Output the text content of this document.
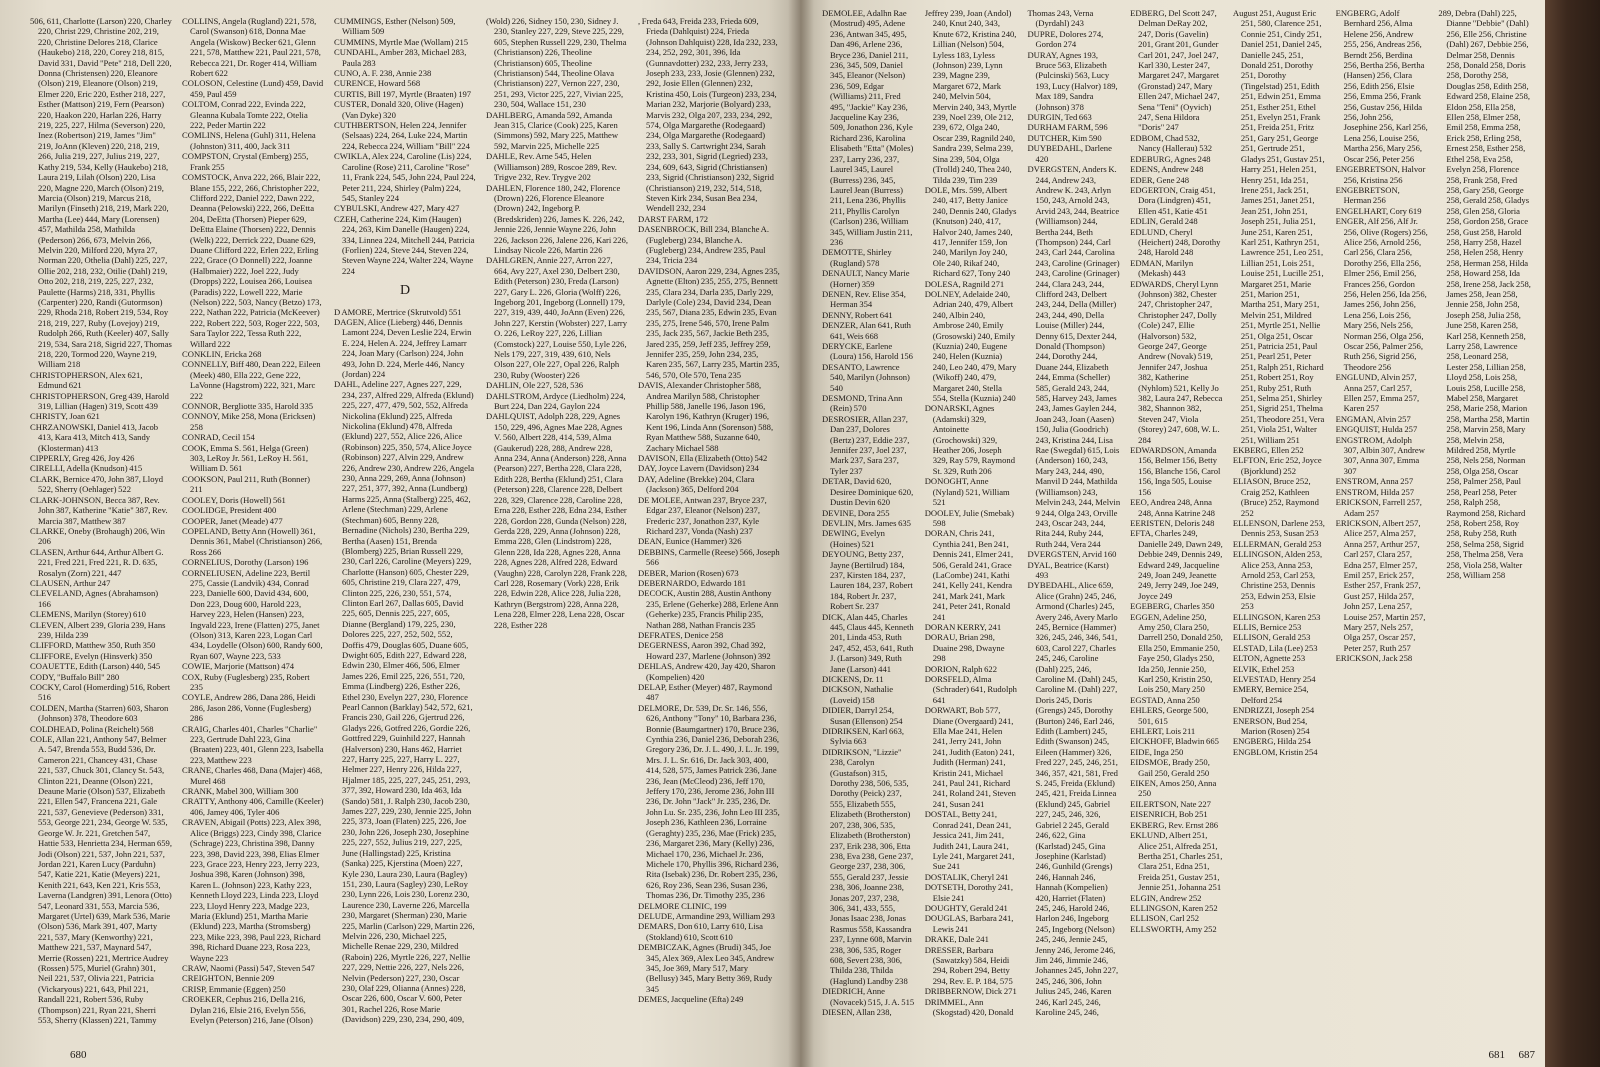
506, 611, Charlotte (Larson) 220, Charley 220, Christ 229, Christine 202, 219, 220, Christine Delores 218, Clarice (Haukebo) 218, 220, Corey 218, 815, David 331, David "Pete" 218, Dell 220, Donna (Christensen) 220, Eleanore (Olson) 219, Eleanore (Olson) 219, Elmer 220, Eric 220, Esther 218, 227, Esther (Mattson) 219, Fern (Pearson) 220, Haakon 220, Harlan 226, Harry 219, 225, 227, Hilma (Severson) 220, Inez (Robertson) 219, James "Jim" 219, JoAnn (Kleven) 220, 218, 219, 266, Julia 219, 227, Julius 219, 227, Kathy 219, 534, Kelly (Haukebo) 218, Laura 219, Lilah (Olson) 220, Lisa 220, Magne 220, March (Olson) 219, Marcia (Olson) 219, Marcus 218, Marilyn (Finseth) 218, 219, Mark 220, Martha (Lee) 444, Mary (Lorensen) 457, Mathilda 258, Mathilda (Pederson) 266, 673, Melvin 266, Melvin 220, Milford 220, Myra 27, Norman 220, Othelia (Dahl) 225, 227, Ollie 202, 218, 232, Otilie (Dahl) 219, Otto 202, 218, 219, 225, 227, 232, Paulette (Harms) 218, 331, Phyllis (Carpenter) 220, Randi (Gutormson) 229, Rhoda 218, Robert 219, 534, Roy 218, 219, 227, Ruby (Lovejoy) 219, Rudolph 266, Ruth (Keeler) 407, Sally 219, 534, Sara 218, Sigrid 227, Thomas 218, 220, Tormod 220, Wayne 219, William 218

CHRISTOPHERSON, Alex 621, Edmund 621

CHRISTOPHERSON, Greg 439, Harold 319, Lillian (Hagen) 319, Scott 439

CHRISTY, Joan 621

CHRZANOWSKI, Daniel 413, Jacob 413, Kara 413, Mitch 413, Sandy (Klosterman) 413

CIPPERLY, Greg 426, Joy 426

CIRELLI, Adella (Knudson) 415

CLARK, Bernice 470, John 387, Lloyd 522, Sherry (Oehlager) 522

CLARK-JOHNSON, Becca 387, Rev. John 387, Katherine "Katie" 387, Rev. Marcia 387, Matthew 387

CLARKE, Oneby (Brohaugh) 206, Win 206

CLASEN, Arthur 644, Arthur Albert G. 221, Fred 221, Fred 221, R. D. 635, Rosalyn (Zorn) 221, 447

CLAUSEN, Arthur 247

CLEVELAND, Agnes (Abrahamson) 166

CLEMENS, Marilyn (Storey) 610

CLEVEN, Albert 239, Gloria 239, Hans 239, Hilda 239

CLIFFORD, Matthew 350, Ruth 350

CLIFFORE, Evelyn (Hinsverk) 350

COAUETTE, Edith (Larson) 440, 545

CODY, "Buffalo Bill" 280

COCKY, Carol (Homerding) 516, Robert 516

COLDEN, Martha (Starren) 603, Sharon (Johnson) 378, Theodore 603

COLDHEAD, Polina (Reichelt) 568

COLE, Allan 221, Anthony 547, Belmer A. 547, Brenda 553, Budd 536, Dr. Cameron 221, Chancey 431, Chase 221, 537, Chuck 301, Clancy St. 543, Clinton 221, Deanne (Olson) 221, Deaune Marie (Olson) 537, Elizabeth 221, Ellen 547, Francena 221, Gale 221, 537, Genevieve (Pederson) 331, 553, George 221, 234, George W. 535, George W. Jr. 221, Gretchen 547, Hattie 533, Henrietta 234, Herman 659, Jodi (Olson) 221, 537, John 221, 537, Jordan 221, Karen Lucy (Parduhn) 547, Katie 221, Katie (Meyers) 221, Kenith 221, 643, Ken 221, Kris 553, Laverna (Landgren) 391, Lenora (Otto) 547, Leonard 331, 553, Marcia 536, Margaret (Urtel) 639, Mark 536, Marie (Olson) 536, Mark 391, 407, Marty 221, 537, Mary (Kenworthy) 221, Matthew 221, 537, Maynard 547, Merrie (Rossen) 221, Mertrice Audrey (Rossen) 575, Muriel (Grahn) 301, Neil 221, 537, Olivia 221, Patricia (Vickaryous) 221, 643, Phil 221, Randall 221, Robert 536, Ruby (Thompson) 221, Ryan 221, Sherri 553, Sherry (Klassen) 221, Tammy

COLLINS, Angela (Rugland) 221, 578, Carol (Swanson) 618, Donna Mae Angela (Wiskow) Becker 621, Glenn 221, 578, Matthew 221, Paul 221, 578, Rebecca 221, Dr. Roger 414, William Robert 622

COLOSON, Celestine (Lund) 459, David 459, Paul 459

COLTOM, Conrad 222, Evinda 222, Gleanna Kubala Tomte 222, Otelia 222, Peder Martin 222

COMLINS, Helena (Guhl) 311, Helena (Johnston) 311, 400, Jack 311

COMPSTON, Crystal (Emberg) 255, Frank 255

COMSTOCK, Anva 222, 266, Blair 222, Blane 155, 222, 266, Christopher 222, Clifford 222, Daniel 222, Dawn 222, Deanna (Pelowski) 222, 266, DeEtta 204, DeEtta (Thorsen) Pieper 629, DeEtta Elaine (Thorsen) 222, Dennis (Welk) 222, Derrick 222, Duane 629, Duane Clifford 222, Erlen 222, Erling 222, Grace (O Donnell) 222, Joanne (Halbmaier) 222, Joel 222, Judy (Dropps) 222, Louisea 266, Louisea (Paradis) 222, Lowell 222, Marie (Nelson) 222, 503, Nancy (Betzo) 173, 222, Nathan 222, Patricia (McKeever) 222, Robert 222, 503, Roger 222, 503, Sara Taylor 222, Tessa Ruth 222, Willard 222

CONKLIN, Ericka 268

CONNELLY, Biff 480, Dean 222, Eileen (Meek) 480, Ella 222, Gene 222, LaVonne (Hagstrom) 222, 321, Marc 222

CONNOR, Bergliotte 335, Harold 335

CONNOY, Mike 258, Mona (Ericksen) 258

CONRAD, Cecil 154

COOK, Emma S. 561, Helga (Green) 303, LeRoy Jr. 561, LeRoy H. 561, William D. 561

COOKSON, Paul 211, Ruth (Bonner) 211

COOLEY, Doris (Howell) 561

COOLIDGE, President 400

COOPER, Janet (Meade) 477

COPELAND, Betty Ann (Howell) 361, Dennis 361, Mabel (Christianson) 266, Ross 266

CORNELIUS, Dorothy (Larson) 196

CORNELIUSEN, Adeline 223, Bertil 275, Cassie (Landvik) 434, Conrad 223, Danielle 600, David 434, 600, Don 223, Doug 600, Harold 223, Harvey 223, Helen (Hansen) 223, Ingvald 223, Irene (Flatten) 275, Janet (Olson) 313, Karen 223, Logan Carl 434, Loydelle (Olson) 600, Randy 600, Ryan 607, Wayne 223, 533

COWIE, Marjorie (Mattson) 474

COX, Ruby (Fuglesberg) 235, Robert 235

COYLE, Andrew 286, Dana 286, Heidi 286, Jason 286, Vonne (Fuglesberg) 286

CRAIG, Charles 401, Charles "Charlie" 223, Gertrude Dahl 223, Gina (Braaten) 223, 401, Glenn 223, Isabella 223, Matthew 223

CRANE, Charles 468, Dana (Majer) 468, Murel 468

CRANK, Mabel 300, William 300

CRATTY, Anthony 406, Camille (Keeler) 406, Jamey 406, Tyler 406

CRAVEN, Abigail (Potts) 223, Alex 398, Alice (Briggs) 223, Cindy 398, Clarice (Schrage) 223, Christina 398, Danny 223, 398, David 223, 398, Elias Elmer 223, Grace 223, Henry 223, Jerry 223, Joshua 398, Karen (Johnson) 398, Karen L. (Johnson) 223, Kathy 223, Kenneth Lloyd 223, Linda 223, Lloyd 223, Lloyd Henry 223, Madge 223, Maria (Eklund) 251, Martha Marie (Eklund) 223, Martha (Stromsberg) 223, Mike 223, 398, Paul 223, Richard 398, Richard Duane 223, Rosa 223, Wayne 223

CRAW, Naomi (Passi) 547, Steven 547

CREIGHTON, Bennie 209

CRISP, Emmanie (Eggen) 250

CROEKER, Cephus 216, Della 216, Dylan 216, Elsie 216, Evelyn 556, Evelyn (Peterson) 216, Jane (Olson)

CUMMINGS, Esther (Nelson) 509, William 509

CUMMINS, Myrtle Mae (Wollam) 215

CUNDAHL, Amber 283, Michael 283, Paula 283

CUNO, A. F. 238, Annie 238

CURENCE, Howard 568

CURTIS, Bill 197, Myrtle (Braaten) 197

CUSTER, Donald 320, Olive (Hagen) (Van Dyke) 320

CUTHBERTSON, Helen 224, Jennifer (Selsaas) 224, 264, Luke 224, Martin 224, Rebecca 224, William "Bill" 224

CWIKLA, Alex 224, Caroline (Lis) 224, Caroline (Rose) 211, Caroline "Rose" 11, Frank 224, 545, John 224, Paul 224, Peter 211, 224, Shirley (Palm) 224, 545, Stanley 224

CYBULSKI, Andrew 427, Mary 427

CZEH, Catherine 224, Kim (Haugen) 224, 263, Kim Danelle (Haugen) 224, 334, Linnea 224, Mitchell 244, Patricia (Forlien) 224, Steve 244, Steven 224, Steven Wayne 224, Walter 224, Wayne 224

D

D AMORE, Mertrice (Skrutvold) 551

DAGEN, Alice (Lieberg) 446, Dennis Lamont 224, Deven Leslie 224, Erwin E. 224, Helen A. 224, Jeffrey Lamarr 224, Joan Mary (Carlson) 224, John 493, John D. 224, Merle 446, Nancy (Jordan) 224

DAHL, Adeline 227, Agnes 227, 229, 234, 237, Alfred 229, Alfreda (Eklund) 225, 227, 477, 479, 502, 552, Alfreda Nickolina (Eklund) 225, Alfreda Nickolina (Eklund) 478, Alfreda (Eklund) 227, 552, Alice 226, Alice (Robinson) 225, 350, 574, Alice Joyce (Robinson) 227, Alvin 229, Andrew 226, Andrew 230, Andrew 226, Angela 230, Anna 229, 269, Anna (Johnson) 227, 251, 377, 392, Anna (Lundberg) Harms 225, Anna (Stalberg) 225, 462, Arlene (Stechman) 229, Arlene (Stechman) 605, Benny 228, Bernadine (Nichols) 230, Bertha 229, Bertha (Aasen) 151, Brenda (Blomberg) 225, Brian Russell 229, 230, Carl 226, Caroline (Meyers) 229, Charlotte (Hanson) 605, Chester 229, 605, Christine 219, Clara 227, 479, Clinton 225, 226, 230, 551, 574, Clinton Earl 267, Dallas 605, David 225, 605, Dennis 225, 227, 605, Dianne (Bergland) 179, 225, 230, Dolores 225, 227, 252, 502, 552, Doffis 479, Douglas 605, Duane 605, Dwight 605, Edith 227, Edward 228, Edwin 230, Elmer 466, 506, Elmer James 226, Emil 225, 226, 551, 720, Emma (Lindberg) 226, Esther 226, Ethel 230, Evelyn 227, 230, Florence Pearl Cannon (Barklay) 542, 572, 621, Francis 230, Gail 226, Gjertrud 226, Gladys 226, Gotfred 226, Gordie 226, Gottfred 229, Guinhild 227, Hannah (Halverson) 230, Hans 462, Harriet 227, Harry 225, 227, Harry L. 227, Helmer 227, Henry 226, Hilda 227, Hjalmer 185, 225, 227, 245, 251, 293, 377, 392, Howard 230, Ida 463, Ida (Sando) 581, J. Ralph 230, Jacob 230, James 227, 229, 230, Jennie 225, John 225, 373, Joan (Flaten) 225, 226, Joe 230, John 226, Joseph 230, Josephine 225, 227, 552, Julius 219, 227, 225, June (Hallingstad) 225, Kristina (Sanka) 225, Kjerstina (Moen) 227, Kyle 230, Laura 230, Laura (Bagley) 151, 230, Laura (Sagley) 230, LeRoy 230, Lynn 226, Lois 230, Lorenz 230, Laurence 230, Laverne 226, Marcella 230, Margaret (Sherman) 230, Marie 225, Marlin (Carlson) 229, Martin 226, Melvin 226, 230, Michael 225, Michelle Renae 229, 230, Mildred (Raboin) 226, Myrtle 226, 227, Nellie 227, 229, Nettie 226, 227, Nels 226, Nelvin (Pederson) 227, 230, Oscar 230, Olaf 229, Olianna (Annes) 228, Oscar 226, 600, Oscar V. 600, Peter 301, Rachel 226, Rose Marie (Davidson) 229, 230, 234, 290, 409,

(Wold) 226, Sidney 150, 230, Sidney J. 230, Stanley 227, 229, Steve 225, 229, 605, Stephen Russell 229, 230, Thelma (Christianson) 226, Theoline (Christianson) 605, Theoline (Christianson) 544, Theoline Olava (Christianson) 227, Vernon 227, 230, 251, 293, Victor 225, 227, Vivian 225, 230, 504, Wallace 151, 230

DAHLBERG, Amanda 592, Amanda Jean 315, Clarice (Cook) 225, Karen (Simmons) 592, Mary 225, Matthew 592, Marvin 225, Michelle 225

DAHLE, Rev. Arne 545, Helen (Williamson) 289, Roscoe 289, Rev. Trigve 232, Rev. Trygve 202

DAHLEN, Florence 180, 242, Florence (Drown) 226, Florence Eleanore (Drown) 242, Ingeborg P. (Bredskriden) 226, James K. 226, 242, Jennie 226, Jennie Wayne 226, John 226, Jackson 226, Jalene 226, Kari 226, Lindsay Nicole 226, Martin 226

DAHLGREN, Annie 227, Arron 227, 664, Avy 227, Axel 230, Delbert 230, Edith (Peterson) 230, Freda (Larson) 227, Gary L. 226, Gloria (Wolff) 226, Ingeborg 201, Ingeborg (Lonnell) 179, 227, 319, 439, 440, JoAnn (Even) 226, John 227, Kerstin (Wobster) 227, Larry O. 226, LeRoy 227, 226, Lillian (Comstock) 227, Louise 550, Lyle 226, Nels 179, 227, 319, 439, 610, Nels Olson 227, Ole 227, Opal 226, Ralph 230, Ruby (Wooster) 226

DAHLIN, Ole 227, 528, 536

DAHLSTROM, Ardyce (Liedholm) 224, Burt 224, Dan 224, Gaylon 224

DAHLQUIST, Adolph 228, 229, Agnes 150, 229, 496, Agnes Mae 228, Agnes V. 560, Albert 228, 414, 539, Alma (Gaukerud) 228, 288, Andrew 228, Anna 234, Anna (Anderson) 228, Anna (Pearson) 227, Bertha 228, Clara 228, Edith 228, Bertha (Eklund) 251, Clara (Peterson) 228, Clarence 228, Delbert 228, 329, Clarence 228, Caroline 228, Erna 228, Esther 228, Edna 234, Esther 228, Gordon 228, Gunda (Nelson) 228, Gerda 228, 229, Anna (Johnson) 228, Emma 228, Glen (Lindstrom) 228, Glenn 228, Ida 228, Agnes 228, Anna 228, Agnes 228, Alfred 228, Edward (Vaughn) 228, Carolyn 228, Frank 228, Carl 228, Rosemary (Vork) 228, Erik 228, Edwin 228, Alice 228, Julia 228, Kathryn (Bergstrom) 228, Anna 228, Lena 228, Elmer 228, Lena 228, Oscar 228, Esther 228

, Freda 643, Freida 233, Frieda 609, Frieda (Dahlquist) 224, Frieda (Johnson Dahlquist) 228, Ida 232, 233, 234, 252, 292, 301, 396, Ida (Gunnavdotter) 232, 233, Jerry 233, Joseph 233, 233, Josie (Glennen) 232, 292, Josie Ellen (Glennen) 232, Kristina 450, Lois (Turgeon) 233, 234, Marian 232, Marjorie (Bolyard) 233, Marvis 232, Olga 207, 233, 234, 292, 574, Olga Margarethe (Rodegaard) 234, Olga Margarethe (Rodegaard) 233, Sally S. Cartwright 234, Sarah 232, 233, 301, Sigrid (Legried) 233, 234, 609, 643, Sigrid (Christiansen) 233, Sigrid (Christianson) 232, Sigrid (Christianson) 219, 232, 514, 518, Steven Kirk 234, Susan Bea 234, Wendell 232, 234

DARST FARM, 172

DASENBROCK, Bill 234, Blanche A. (Fugleberg) 234, Blanche A. (Fugleberg) 234, Andrew 235, Paul 234, Tricia 234

DAVIDSON, Aaron 229, 234, Agnes 235, Agnette (Elton) 235, 255, 275, Bennett 235, Clara 234, Darla 235, Darly 229, Darlyle (Cole) 234, David 234, Dean 235, 567, Diana 235, Edwin 235, Evan 235, 275, Irene 546, 570, Irene Palm 235, Jack 235, 567, Jackie Beth 235, Jared 235, 259, Jeff 235, Jeffrey 259, Jennifer 235, 259, John 234, 235, Karen 235, 567, Larry 235, Martin 235, 546, 570, Ole 570, Tena 235

DAVIS, Alexander Christopher 588, Andrea Marilyn 588, Christopher Phillip 588, Janelle 196, Jason 196, Karolyn 196, Kathryn (Kruger) 196, Kent 196, Linda Ann (Sorenson) 588, Ryan Matthew 588, Suzanne 640, Zachary Michael 588

DAVISON, Ella (Elizabeth (Otto) 542

DAY, Joyce Lavern (Davidson) 234

DAY, Adeline (Brekke) 204, Clara (Jackson) 365, Delford 204

DE MOLEE, Antwan 237, Bryce 237, Edgar 237, Eleanor (Nelson) 237, Frederic 237, Jonathon 237, Kyle Richard 237, Vonda (Nash) 237

DEAN, Eunice (Hammer) 326

DEBBINS, Carmelle (Reese) 566, Joseph 566

DEBER, Marion (Rosen) 673

DEBERNARDO, Edwardo 181

DECOCK, Austin 288, Austin Anthony 235, Erlene (Geherke) 288, Erlene Ann (Geherke) 235, Francis Philip 235, Nathan 288, Nathan Francis 235

DEFRATES, Denice 258

DEGERNESS, Aaron 392, Chad 392, Howard 237, Marlene (Johnson) 392

DEHLAS, Andrew 420, Jay 420, Sharon (Kompelien) 420

DELAP, Esther (Meyer) 487, Raymond 487

DELMORE, Dr. 539, Dr. Sr. 146, 556, 626, Anthony "Tony" 10, Barbara 236, Bonnie (Baumgartner) 170, Bruce 236, Cynthia 236, Daniel 236, Deborah 236, Gregory 236, Dr. J. L. 490, J. L. Jr. 199, Mrs. J. L. Sr. 616, Dr. Jack 303, 400, 414, 528, 575, James Patrick 236, Jane 236, Jean (McCleod) 236, Jeff 170, Jeffery 170, 236, Jerome 236, John III 236, Dr. John "Jack" Jr. 235, 236, Dr. John Lu. Sr. 235, 236, John Leo III 235, Joseph 236, Kathleen 236, Lorraine (Geraghty) 235, 236, Mae (Frick) 235, 236, Margaret 236, Mary (Kelly) 236, Michael 170, 236, Michael Jr. 236, Michele 170, Phyllis 396, Richard 236, Rita (Isebak) 236, Dr. Robert 235, 236, 626, Roy 236, Sean 236, Susan 236, Thomas 236, Dr. Timothy 235, 236

DELMORE CLINIC, 199

DELUDE, Armandine 293, William 293

DEMARS, Don 610, Larry 610, Lisa (Stokland) 610, Scott 610

DEMBICZAK, Agnes (Brudi) 345, Joe 345, Alex 369, Alex Leo 345, Andrew 345, Joe 369, Mary 517, Mary (Bellusy) 345, Mary Betty 369, Rudy 345

DEMES, Jacqueline (Efta) 249

680

DEMOLEE, Adalhn Rae (Mostrud) 495, Adene 236, Antwan 345, 495, Dan 496, Arlene 236, Bryce 236, Daniel 211, 236, 345, 509, Daniel 345, Eleanor (Nelson) 236, 509, Edgar (Williams) 211, Fred 495, "Jackie" Kay 236, Jacqueline Kay 236, 509, Jonathon 236, Kyle Richard 236, Karolina Elisabeth "Etta" (Moles) 237, Larry 236, 237, Laurel 345, Laurel (Burress) 236, 345, Laurel Jean (Burress) 211, Lena 236, Phyllis 211, Phyllis Carolyn (Carlson) 236, William 345, William Justin 211, 236

DEMOTTE, Shirley (Rugland) 578

DENAULT, Nancy Marie (Horner) 359

DENEN, Rev. Elise 354, Herman 354

DENNY, Robert 641

DENZER, Alan 641, Ruth 641, Weis 668

DERYCKE, Earlene (Loura) 156, Harold 156

DESANTO, Lawrence 540, Marilyn (Johnson) 540

DESMOND, Trina Ann (Rein) 570

DESROSIER, Allan 237, Dan 237, Dolores (Bertz) 237, Eddie 237, Jennifer 237, Joel 237, Mark 237, Sara 237, Tyler 237

DETAR, David 620, Desiree Dominique 620, Dustin Devin 620

DEVINE, Dora 255

DEVLIN, Mrs. James 635

DEWING, Evelyn (Hoines) 521

DEYOUNG, Betty 237, Jayne (Bertilrud) 184, 237, Kirsten 184, 237, Lauren 184, 237, Robert 184, Robert Jr. 237, Robert Sr. 237

DICK, Alan 445, Charles 445, Claus 445, Kenneth 201, Linda 453, Ruth 247, 452, 453, 641, Ruth J. (Larson) 349, Ruth Jane (Larson) 441

DICKENS, Dr. 11

DICKSON, Nathalie (Loveid) 158

DIDIER, Darryl 254, Susan (Ellenson) 254

DIDRIKSEN, Karl 663, Sylvia 663

DIDRIKSON, "Lizzie" 238, Carolyn (Gustafson) 315, Dorothy 238, 506, 535, Dorothy (Peick) 237, 555, Elizabeth 555, Elizabeth (Brotherston) 207, 238, 306, 535, Elizabeth (Brotherston) 237, Erik 238, 306, Etta 238, Eva 238, Gene 237, George 237, 238, 306, 555, Gerald 237, Jessie 238, 306, Joanne 238, Jonas 207, 237, 238, 306, 341, 433, 555, Jonas Isaac 238, Jonas Rasmus 558, Kassandra 237, Lynne 608, Marvin 238, 306, 535, Roger 608, Severt 238, 306, Thilda 238, Thilda (Haglund) Landby 238

DIEDRICH, Anne (Novacek) 515, J. A. 515

DIESEN, Allan 238,

Jeffrey 239, Joan (Andol) 240, Knut 240, 343, Knute 672, Kristina 240, Lillian (Nelson) 504, Lyless 183, Lyless (Johnson) 239, Lynn 239, Magne 239, Margaret 672, Mark 240, Melvin 504, Mervin 240, 343, Myrtle 239, Noel 239, Ole 212, 239, 672, Olga 240, Oscar 239, Ragnild 240, Sandra 239, Selma 239, Sina 239, 504, Olga (Trolld) 240, Thea 240, Tilda 239, Tim 239

DOLE, Mrs. 599, Albert 240, 417, Betty Janice 240, Dennis 240, Gladys (Knutson) 240, 417, Halvor 240, James 240, 417, Jennifer 159, Jon 240, Marilyn Joy 240, Ole 240, Rikaf 240, Richard 627, Tony 240

DOLESA, Ragnild 271

DOLNEY, Adelaide 240, Adrian 240, 479, Albert 240, Albin 240, Ambrose 240, Emily (Grosowski) 240, Emily (Kuznia) 240, Eugene 240, Helen (Kuznia) 240, Leo 240, 479, Mary (Wikoff) 240, 479, Margaret 240, Stella 554, Stella (Kuznia) 240

DONARSKI, Agnes (Adamski) 329, Antoinette (Grochowski) 329, Heather 206, Joseph 329, Ray 579, Raymond St. 329, Ruth 206

DONOGHT, Anne (Nyland) 521, William 521

DOOLEY, Julie (Smebak) 598

DORAN, Chris 241, Cynthia 241, Ben 241, Dennis 241, Elmer 241, 506, Gerald 241, Grace (LaCombe) 241, Kathi 241, Kelly 241, Kendra 241, Mark 241, Mark 241, Peter 241, Ronald 241

DORAN KERRY, 241

DORAU, Brian 298, Duaine 298, Dwayne 298

DORION, Ralph 622

DORSFELD, Alma (Schrader) 641, Rudolph 641

DORWART, Bob 577, Diane (Overgaard) 241, Ella Mae 241, Helen 241, Jerry 241, John 241, Judith (Eaton) 241, Judith (Herman) 241, Kristin 241, Michael 241, Paul 241, Richard 241, Roland 241, Steven 241, Susan 241

DOSTAL, Betty 241, Conrad 241, Dean 241, Jessica 241, Jim 241, Judith 241, Laura 241, Lyle 241, Margaret 241, Sue 241

DOSTALIK, Cheryl 241

DOTSETH, Dorothy 241, Elsie 241

DOUGHTY, Gerald 241

DOUGLAS, Barbara 241, Lewis 241

DRAKE, Dale 241

DRESSER, Barbara (Sawatzky) 584, Heidi 294, Robert 294, Betty 294, Rev. E. P. 184, 575

DRIBBERNOW, Dick 271

DRIMMEL, Ann (Skogstad) 420, Donald

Thomas 243, Verna (Dyrdahl) 243

DUPRE, Dolores 274, Gordon 274

DURAY, Agnes 193, Bruce 563, Elizabeth (Pulcinski) 563, Lucy 193, Lucy (Halvor) 189, Max 189, Sandra (Johnson) 378

DURGIN, Ted 663

DURHAM FARM, 596

DUTCHER, Kim 590

DUYBEDAHL, Darlene 420

DVERGSTEN, Anders K. 244, Andrew 243, Andrew K. 243, Arlyn 150, 243, Arnold 243, Arvid 243, 244, Beatrice (Williamson) 244, Bertha 244, Beth (Thompson) 244, Carl 243, Carl 244, Carolina 243, Caroline (Grinager) 243, Caroline (Grinager) 244, Clara 243, 244, Clifford 243, Delbert 243, 244, Della (Miller) 243, 244, 490, Della Louise (Miller) 244, Denny 615, Dexter 244, Donald (Thompson) 244, Dorothy 244, Duane 244, Elizabeth 244, Emma (Scheller) 585, Gerald 243, 244, 585, Harvey 243, James 243, James Gaylen 244, Joan 243, Joan (Aasen) 150, Julia (Goodrich) 243, Kristina 244, Lisa Rae (Swegdal) 615, Lois (Anderson) 160, 243, Mary 243, 244, 490, Manvil D 244, Mathilda (Williamson) 243, Melvin 243, 244, Melvin 9 244, Olga 243, Orville 243, Oscar 243, 244, Rita 244, Ruby 244, Ruth 244, Vera 244

DVERGSTEN, Arvid 160

DYAL, Beatrice (Karst) 493

DYBEDAHL, Alice 659, Alice (Grahn) 245, 246, Armond (Charles) 245, Avery 246, Avery Marlo 245, Bernice (Hammer) 326, 245, 246, 346, 541, 603, Carol 227, Charles 245, 246, Caroline (Dahl) 225, 246, Caroline M. (Dahl) 245, Caroline M. (Dahl) 227, Doris 245, Doris (Grengs) 245, Dorothy (Burton) 246, Earl 246, Edith (Lambert) 245, Edith (Swanson) 245, Eileen (Hammer) 326, Fred 227, 245, 246, 251, 346, 357, 421, 581, Fred S. 245, Freida (Eklund) 245, 421, Freida Linnea (Eklund) 245, Gabriel 227, 245, 246, 326, Gabriel 2 245, Gerald 246, 622, Gina (Karlstad) 245, Gina Josephine (Karlstad) 246, Gunhild (Grengs) 246, Hannah 246, Hannah (Kompelien) 420, Harriet (Flaten) 245, 246, Harold 246, Harlon 246, Ingeborg 245, Ingeborg (Nelson) 245, 246, Jennie 245, Jenny 246, Jerome 246, Jim 246, Jimmie 246, Johannes 245, John 227, 245, 246, 306, John Julius 245, 246, Karen 246, Karl 245, 246, Karoline 245, 246,

EDBERG, Del Scott 247, Delman DeRay 202, 247, Doris (Gavelin) 201, Grant 201, Gunder Carl 201, 247, Joel 247, Karl 330, Lester 247, Margaret 247, Margaret (Gronstad) 247, Mary Ellen 247, Michael 247, Sena "Teni" (Oyvich) 247, Sena Hildora "Doris" 247

EDBOM, Chad 532, Nancy (Hallerau) 532

EDEBURG, Agnes 248

EDENS, Andrew 248

EDER, Gene 248

EDGERTON, Craig 451, Dora (Lindgren) 451, Ellen 451, Katie 451

EDLIN, Gerald 248

EDLUND, Cheryl (Heichert) 248, Dorothy 248, Harold 248

EDMAN, Marilyn (Mekash) 443

EDWARDS, Cheryl Lynn (Johnson) 382, Chester 247, Christopher 247, Christopher 247, Dolly (Cole) 247, Ellie (Halvorson) 532, George 247, George Andrew (Novak) 519, Jennifer 247, Joshua 382, Katherine (Nyhlom) 521, Kelly Jo 382, Laura 247, Rebecca 382, Shannon 382, Steven 247, Viola (Storey) 247, 608, W. L. 284

EDWARDSON, Amanda 156, Belmer 156, Betty 156, Blanche 156, Carol 156, Inga 505, Louise 156

EEO, Andrea 248, Anna 248, Anna Katrine 248

EERISTEN, Deloris 248

EFTA, Charles 249, Danielle 249, Dawn 249, Debbie 249, Dennis 249, Edward 249, Jacqueline 249, Joan 249, Jeanette 249, Jerry 249, Joe 249, Joyce 249

EGEBERG, Charles 350

EGGEN, Adeline 250, Amy 250, Clara 250, Darrell 250, Donald 250, Ella 250, Emmanie 250, Faye 250, Gladys 250, Ida 250, Jennie 250, Karl 250, Kristin 250, Lois 250, Mary 250

EGSTAD, Anna 250

EHLERS, George 500, 501, 615

EHLERT, Lois 211

EICKHOFF, Bladwin 665

EIDE, Inga 250

EIDSMOE, Brady 250, Gail 250, Gerald 250

EIKEN, Amos 250, Anna 250

EILERTSON, Nate 227

EISENRICH, Bob 251

EKBERG, Rev. Ernst 286

EKLUND, Albert 251, Alice 251, Alfreda 251, Bertha 251, Charles 251, Clara 251, Edna 251, Freida 251, Gustav 251, Jennie 251, Johanna 251

ELGIN, Andrew 252

ELLINGSON, Karen 252

ELLISON, Carl 252

ELLSWORTH, Amy 252

August 251, August Eric 251, 580, Clarence 251, Connie 251, Cindy 251, Daniel 251, Daniel 245, Danielle 245, 251, Donald 251, Dorothy 251, Dorothy (Tingelstad) 251, Edith 251, Edwin 251, Emma 251, Esther 251, Ethel 251, Evelyn 251, Frank 251, Freida 251, Fritz 251, Gary 251, George 251, Gertrude 251, Gladys 251, Gustav 251, Harry 251, Helen 251, Henry 251, Ida 251, Irene 251, Jack 251, James 251, Janet 251, Jean 251, John 251, Joseph 251, Julia 251, June 251, Karen 251, Karl 251, Kathryn 251, Lawrence 251, Leo 251, Lillian 251, Lois 251, Louise 251, Lucille 251, Margaret 251, Marie 251, Marion 251, Martha 251, Mary 251, Melvin 251, Mildred 251, Myrtle 251, Nellie 251, Olga 251, Oscar 251, Patricia 251, Paul 251, Pearl 251, Peter 251, Ralph 251, Richard 251, Robert 251, Roy 251, Ruby 251, Ruth 251, Selma 251, Shirley 251, Sigrid 251, Thelma 251, Theodore 251, Vera 251, Viola 251, Walter 251, William 251

EKBERG, Ellen 252

ELFTON, Eric 252, Joyce (Bjorklund) 252

ELIASON, Bruce 252, Craig 252, Kathleen (Bruce) 252, Raymond 252

ELLENSON, Darlene 253, Dennis 253, Susan 253

ELLERMAN, Gerald 253

ELLINGSON, Alden 253, Alice 253, Anna 253, Arnold 253, Carl 253, Christine 253, Dennis 253, Edwin 253, Elsie 253

ELLINGSON, Karen 253

ELLIS, Bernice 253

ELLISON, Gerald 253

ELSTAD, Lila (Lee) 253

ELTON, Agnette 253

ELVIK, Ethel 253

ELVESTAD, Henry 254

EMERY, Bernice 254, Delford 254

ENDRIZZI, Joseph 254

ENERSON, Bud 254, Marion (Rosen) 254

ENGBERG, Hilda 254

ENGBLOM, Kristin 254

ENGBERG, Adolf Bernhard 256, Alma Helene 256, Andrew 255, 256, Andreas 256, Berndt 256, Berdina 256, Bertha 256, Bertha (Hansen) 256, Clara 256, Edith 256, Elsie 256, Emma 256, Frank 256, Gustav 256, Hilda 256, John 256, Josephine 256, Karl 256, Lena 256, Louise 256, Martha 256, Mary 256, Oscar 256, Peter 256

ENGEBRETSON, Halvor 256, Kristina 256

ENGEBRETSON, Herman 256

ENGELHART, Cory 619

ENGER, Alf 256, Alf Jr. 256, Olive (Rogers) 256, Alice 256, Arnold 256, Carl 256, Clara 256, Dorothy 256, Ella 256, Elmer 256, Emil 256, Frances 256, Gordon 256, Helen 256, Ida 256, James 256, John 256, Lena 256, Lois 256, Mary 256, Nels 256, Norman 256, Olga 256, Oscar 256, Palmer 256, Ruth 256, Sigrid 256, Theodore 256

ENGLUND, Alvin 257, Anna 257, Carl 257, Ellen 257, Emma 257, Karen 257

ENGMAN, Alvin 257

ENGQUIST, Hulda 257

ENGSTROM, Adolph 307, Albin 307, Andrew 307, Anna 307, Emma 307

ENSTROM, Anna 257

ENSTROM, Hilda 257

ERICKSON, Farrell 257, Adam 257

ERICKSON, Albert 257, Alice 257, Alma 257, Anna 257, Arthur 257, Carl 257, Clara 257, Edna 257, Elmer 257, Emil 257, Erick 257, Esther 257, Frank 257, Gust 257, Hilda 257, John 257, Lena 257, Louise 257, Martin 257, Mary 257, Nels 257, Olga 257, Oscar 257, Peter 257, Ruth 257

ERICKSON, Jack 258

289, Debra (Dahl) 225, Dianne "Debbie" (Dahl) 256, Elle 256, Christine (Dahl) 267, Debbie 256, Delmar 258, Dennis 258, Donald 258, Doris 258, Dorothy 258, Douglas 258, Edith 258, Edward 258, Elaine 258, Eldon 258, Ella 258, Ellen 258, Elmer 258, Emil 258, Emma 258, Erick 258, Erling 258, Ernest 258, Esther 258, Ethel 258, Eva 258, Evelyn 258, Florence 258, Frank 258, Fred 258, Gary 258, George 258, Gerald 258, Gladys 258, Glen 258, Gloria 258, Gordon 258, Grace 258, Gust 258, Harold 258, Harry 258, Hazel 258, Helen 258, Henry 258, Herman 258, Hilda 258, Howard 258, Ida 258, Irene 258, Jack 258, James 258, Jean 258, Jennie 258, John 258, Joseph 258, Julia 258, June 258, Karen 258, Karl 258, Kenneth 258, Larry 258, Lawrence 258, Leonard 258, Lester 258, Lillian 258, Lloyd 258, Lois 258, Louis 258, Lucille 258, Mabel 258, Margaret 258, Marie 258, Marion 258, Martha 258, Martin 258, Marvin 258, Mary 258, Melvin 258, Mildred 258, Myrtle 258, Nels 258, Norman 258, Olga 258, Oscar 258, Palmer 258, Paul 258, Pearl 258, Peter 258, Ralph 258, Raymond 258, Richard 258, Robert 258, Roy 258, Ruby 258, Ruth 258, Selma 258, Sigrid 258, Thelma 258, Vera 258, Viola 258, Walter 258, William 258

681 687
